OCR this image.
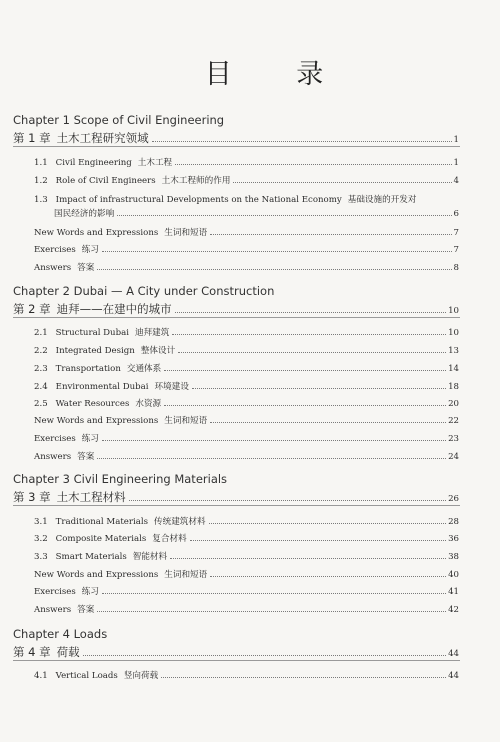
目 录
Chapter 1 Scope of Civil Engineering
第 1 章 土木工程研究领域	1
1.1 Civil Engineering 土木工程	1
1.2 Role of Civil Engineers 土木工程师的作用	4
1.3 Impact of infrastructural Developments on the National Economy 基础设施的开发对
国民经济的影响	6
New Words and Expressions 生词和短语	7
Exercises 练习	7
Answers 答案	8
Chapter 2 Dubai — A City under Construction
第 2 章 迪拜——在建中的城市	10
2.1 Structural Dubai 迪拜建筑	10
2.2 Integrated Design 整体设计	13
2.3 Transportation 交通体系	14
2.4 Environmental Dubai 环境建设	18
2.5 Water Resources 水资源	20
New Words and Expressions 生词和短语	22
Exercises 练习	23
Answers 答案	24
Chapter 3 Civil Engineering Materials
第 3 章 土木工程材料	26
3.1 Traditional Materials 传统建筑材料	28
3.2 Composite Materials 复合材料	36
3.3 Smart Materials 智能材料	38
New Words and Expressions 生词和短语	40
Exercises 练习	41
Answers 答案	42
Chapter 4 Loads
第 4 章 荷载	44
4.1 Vertical Loads 竖向荷载	44
